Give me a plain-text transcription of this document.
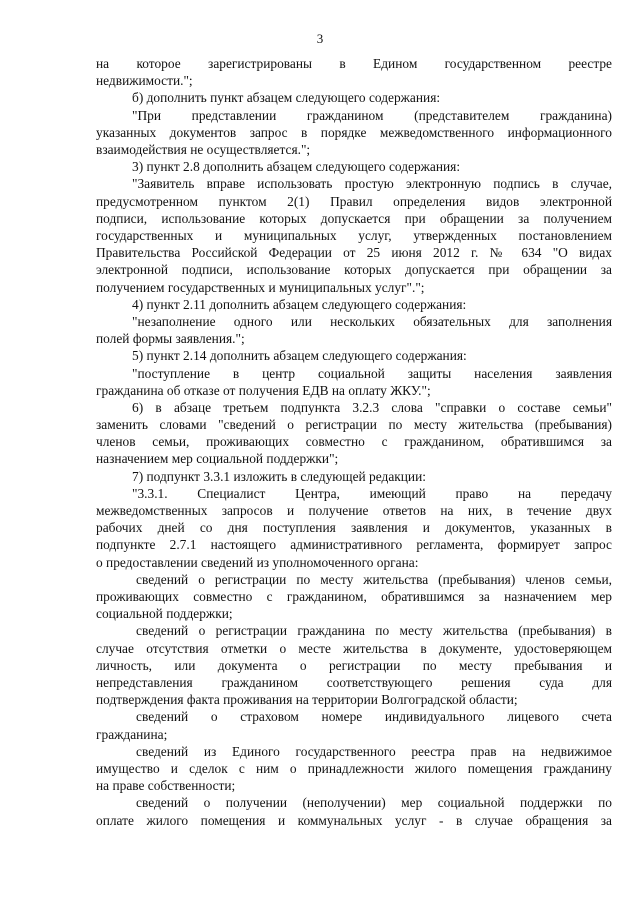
3
на которое зарегистрированы в Едином государственном реестре
недвижимости.";
б) дополнить пункт абзацем следующего содержания:
"При представлении гражданином (представителем гражданина)
указанных документов запрос в порядке межведомственного информационного
взаимодействия не осуществляется.";
3) пункт 2.8 дополнить абзацем следующего содержания:
"Заявитель вправе использовать простую электронную подпись в случае,
предусмотренном пунктом 2(1) Правил определения видов электронной
подписи, использование которых допускается при обращении за получением
государственных и муниципальных услуг, утвержденных постановлением
Правительства Российской Федерации от 25 июня 2012 г. № 634 "О видах
электронной подписи, использование которых допускается при обращении за
получением государственных и муниципальных услуг".";
4) пункт 2.11 дополнить абзацем следующего содержания:
"незаполнение одного или нескольких обязательных для заполнения
полей формы заявления.";
5) пункт 2.14 дополнить абзацем следующего содержания:
"поступление в центр социальной защиты населения заявления
гражданина об отказе от получения ЕДВ на оплату ЖКУ.";
6) в абзаце третьем подпункта 3.2.3 слова "справки о составе семьи"
заменить словами "сведений о регистрации по месту жительства (пребывания)
членов семьи, проживающих совместно с гражданином, обратившимся за
назначением мер социальной поддержки";
7) подпункт 3.3.1 изложить в следующей редакции:
"3.3.1. Специалист Центра, имеющий право на передачу
межведомственных запросов и получение ответов на них, в течение двух
рабочих дней со дня поступления заявления и документов, указанных в
подпункте 2.7.1 настоящего административного регламента, формирует запрос
о предоставлении сведений из уполномоченного органа:
сведений о регистрации по месту жительства (пребывания) членов семьи,
проживающих совместно с гражданином, обратившимся за назначением мер
социальной поддержки;
сведений о регистрации гражданина по месту жительства (пребывания) в
случае отсутствия отметки о месте жительства в документе, удостоверяющем
личность, или документа о регистрации по месту пребывания и
непредставления гражданином соответствующего решения суда для
подтверждения факта проживания на территории Волгоградской области;
сведений о страховом номере индивидуального лицевого счета
гражданина;
сведений из Единого государственного реестра прав на недвижимое
имущество и сделок с ним о принадлежности жилого помещения гражданину
на праве собственности;
сведений о получении (неполучении) мер социальной поддержки по
оплате жилого помещения и коммунальных услуг - в случае обращения за
